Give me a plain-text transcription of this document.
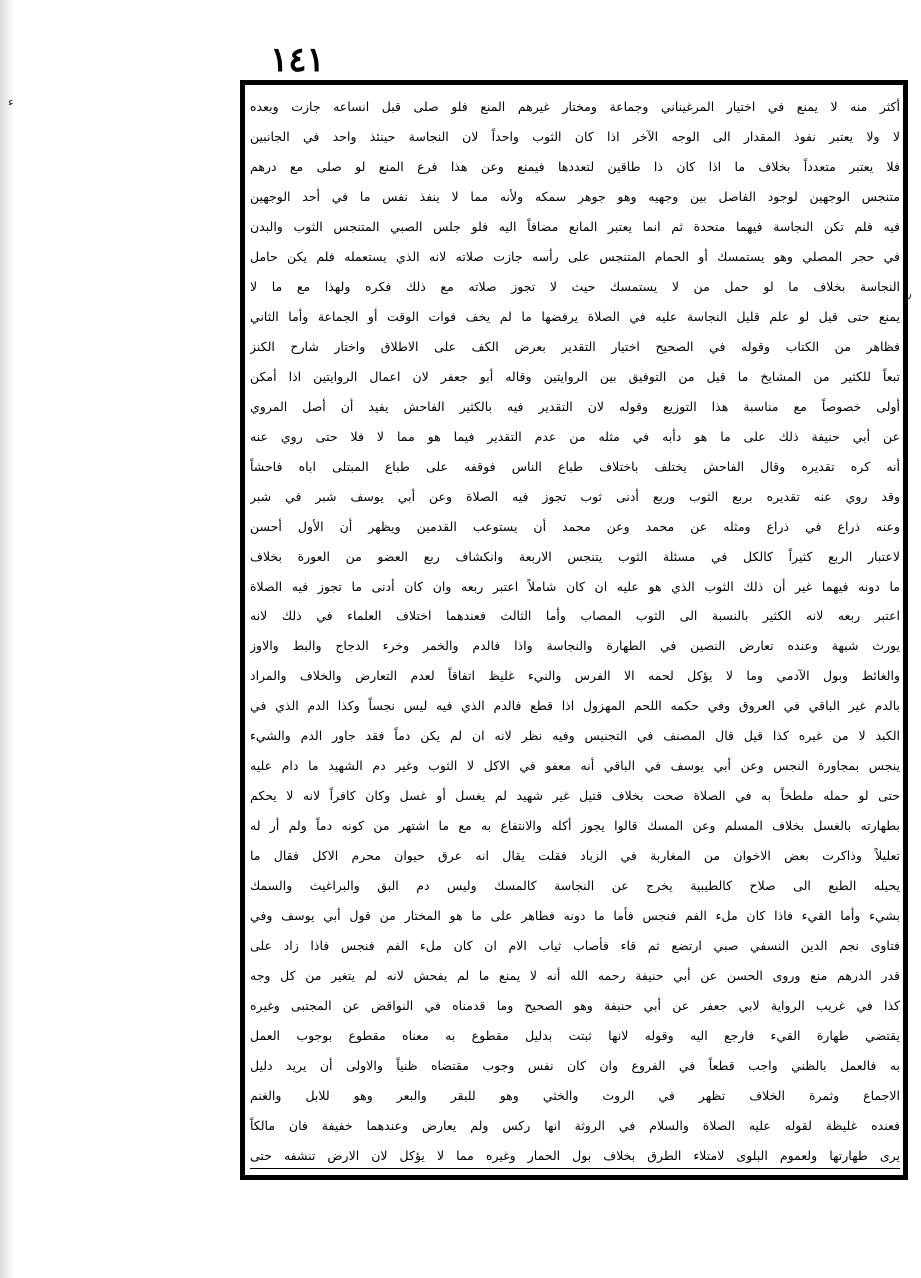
١٤١
أكثر منه لا يمنع في اختيار المرغيناني وجماعة ومختار غيرهم المنع فلو صلى قبل انساعه جازت وبعده
لا ولا يعتبر نفوذ المقدار الى الوجه الآخر اذا كان الثوب واحداً لان النجاسة حينئذ واحد في الجانبين
فلا يعتبر متعدداً بخلاف ما اذا كان ذا طاقين لتعددها فيمنع وعن هذا فرع المنع لو صلى مع درهم
متنجس الوجهين لوجود الفاصل بين وجهيه وهو جوهر سمكه ولأنه مما لا ينفذ نفس ما في أحد الوجهين
فيه فلم تكن النجاسة فيهما متحدة ثم انما يعتبر المانع مضافاً اليه فلو جلس الصبي المتنجس الثوب والبدن
في حجر المصلي وهو يستمسك أو الحمام المتنجس على رأسه جازت صلاته لانه الذي يستعمله فلم يكن حامل
النجاسة بخلاف ما لو حمل من لا يستمسك حيث لا تجوز صلاته مع ذلك فكره ولهذا مع ما لا
يمنع حتى قيل لو علم قليل النجاسة عليه في الصلاة يرفضها ما لم يخف فوات الوقت أو الجماعة وأما الثاني
فظاهر من الكتاب وقوله في الصحيح اختيار التقدير بعرض الكف على الاطلاق واختار شارح الكنز
تبعاً للكثير من المشايخ ما قيل من التوفيق بين الروايتين وقاله أبو جعفر لان اعمال الروايتين اذا أمكن
أولى خصوصاً مع مناسبة هذا التوزيع وقوله لان التقدير فيه بالكثير الفاحش يفيد أن أصل المروي
عن أبي حنيفة ذلك على ما هو دأبه في مثله من عدم التقدير فيما هو مما لا فلا حتى روي عنه
أنه كره تقديره وقال الفاحش يختلف باختلاف طباع الناس فوقفه على طباع المبتلى اباه فاحشاً
وقد روي عنه تقديره بربع الثوب وربع أدنى ثوب تجوز فيه الصلاة وعن أبي يوسف شبر في شبر
وعنه ذراع في ذراع ومثله عن محمد وعن محمد أن يستوعب القدمين ويظهر أن الأول أحسن
لاعتبار الربع كثيراً كالكل في مسئلة الثوب يتنجس الاربعة وانكشاف ربع العضو من العورة بخلاف
ما دونه فيهما غير أن ذلك الثوب الذي هو عليه ان كان شاملاً اعتبر ربعه وان كان أدنى ما تجوز فيه الصلاة
اعتبر ربعه لانه الكثير بالنسبة الى الثوب المصاب وأما الثالث فعندهما اختلاف العلماء في ذلك لانه
يورث شبهة وعنده تعارض النصين في الطهارة والنجاسة واذا فالدم والخمر وخرء الدجاج والبط والاوز
والغائط وبول الآدمي وما لا يؤكل لحمه الا الفرس والنيء غليظ اتفاقاً لعدم التعارض والخلاف والمراد
بالدم غير الباقي في العروق وفي حكمه اللحم المهزول اذا قطع فالدم الذي فيه ليس نجساً وكذا الدم الذي في
الكبد لا من غيره كذا قيل قال المصنف في التجنيس وفيه نظر لانه ان لم يكن دماً فقد جاور الدم والشيء
ينجس بمجاورة النجس وعن أبي يوسف في الباقي أنه معفو في الاكل لا الثوب وغير دم الشهيد ما دام عليه
حتى لو حمله ملطخاً به في الصلاة صحت بخلاف قتيل غير شهيد لم يغسل أو غسل وكان كافراً لانه لا يحكم
بطهارته بالغسل بخلاف المسلم وعن المسك قالوا يجوز أكله والانتفاع به مع ما اشتهر من كونه دماً ولم أر له
تعليلاً وذاكرت بعض الاخوان من المغاربة في الزباد فقلت يقال انه عرق حيوان محرم الاكل فقال ما
يحيله الطبع الى صلاح كالطيبية يخرج عن النجاسة كالمسك وليس دم البق والبراغيث والسمك
بشيء وأما القيء فاذا كان ملء الفم فنجس فأما ما دونه فطاهر على ما هو المختار من قول أبي يوسف وفي
فتاوى نجم الدين النسفي صبي ارتضع ثم قاء فأصاب ثياب الام ان كان ملء الفم فنجس فاذا زاد على
قدر الدرهم منع وروى الحسن عن أبي حنيفة رحمه الله أنه لا يمنع ما لم يفحش لانه لم يتغير من كل وجه
كذا في غريب الرواية لابي جعفر عن أبي حنيفة وهو الصحيح وما قدمناه في النواقض عن المجتبى وغيره
يقتضي طهارة القيء فارجع اليه وقوله لانها ثبتت بدليل مقطوع به معناه مقطوع بوجوب العمل
به فالعمل بالظني واجب قطعاً في الفروع وان كان نفس وجوب مقتضاه ظنياً والاولى أن يريد دليل
الاجماع وثمرة الخلاف تظهر في الروث والخثي وهو للبقر والبعر وهو للابل والغنم
فعنده غليظة لقوله عليه الصلاة والسلام في الروثة انها ركس ولم يعارض وعندهما خفيفة فان مالكاً
يرى طهارتها ولعموم البلوى لامتلاء الطرق بخلاف بول الحمار وغيره مما لا يؤكل لان الارض تنشفه حتى
ﺀ
ﺭ
